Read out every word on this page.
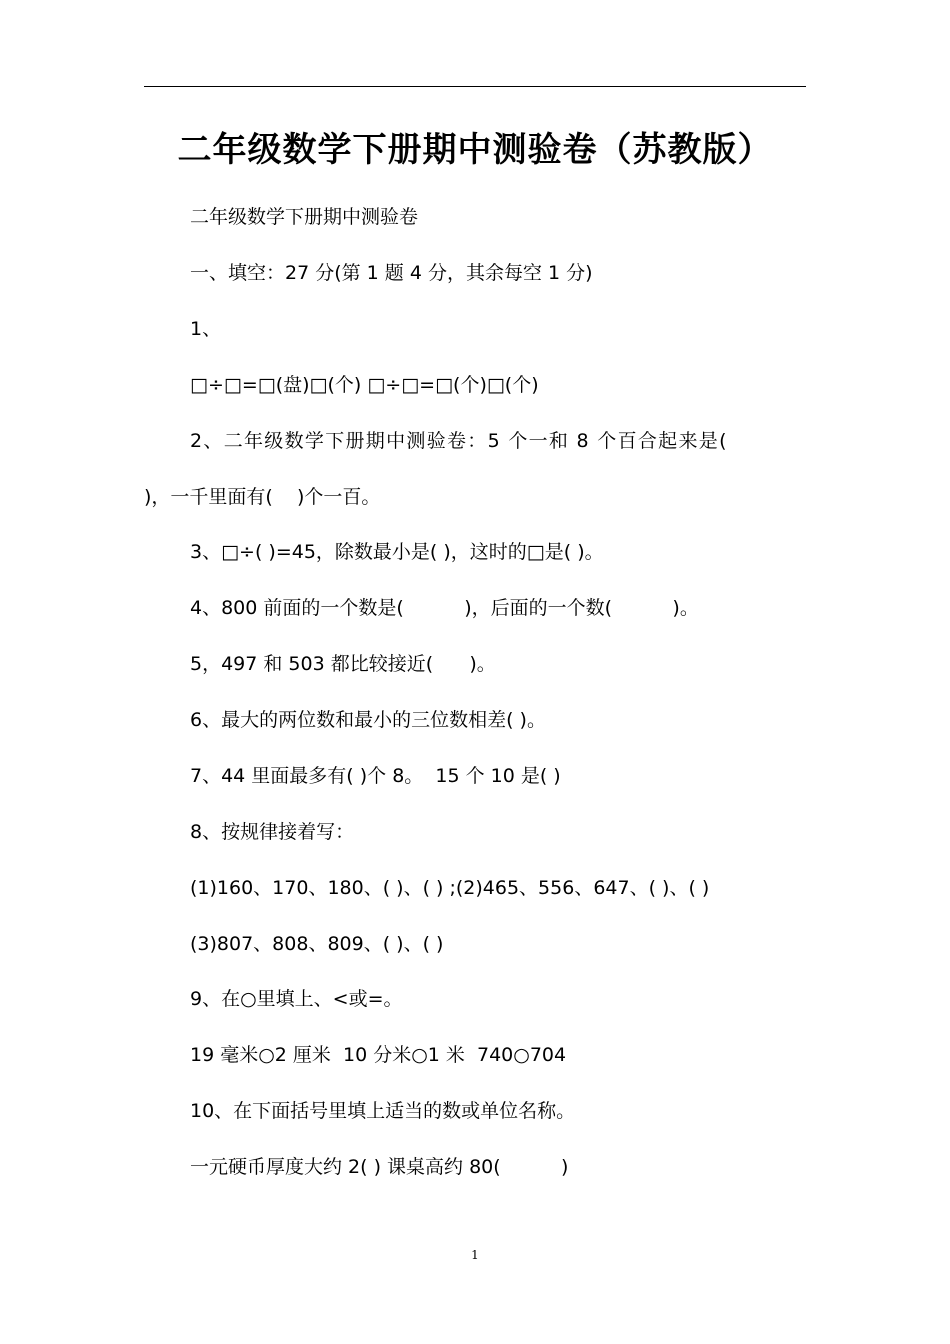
二年级数学下册期中测验卷（苏教版）
二年级数学下册期中测验卷
一、填空：27 分(第 1 题 4 分，其余每空 1 分)
1、
□÷□=□(盘)□(个) □÷□=□(个)□(个)
2、二年级数学下册期中测验卷：5 个一和 8 个百合起来是(
)，一千里面有(    )个一百。
3、□÷( )=45，除数最小是( )，这时的□是( )。
4、800 前面的一个数是(          )，后面的一个数(          )。
5，497 和 503 都比较接近(      )。
6、最大的两位数和最小的三位数相差( )。
7、44 里面最多有( )个 8。  15 个 10 是( )
8、按规律接着写：
(1)160、170、180、( )、( ) ;(2)465、556、647、( )、( )
(3)807、808、809、( )、( )
9、在○里填上、<或=。
19 毫米○2 厘米  10 分米○1 米  740○704
10、在下面括号里填上适当的数或单位名称。
一元硬币厚度大约 2( ) 课桌高约 80(          )
1
